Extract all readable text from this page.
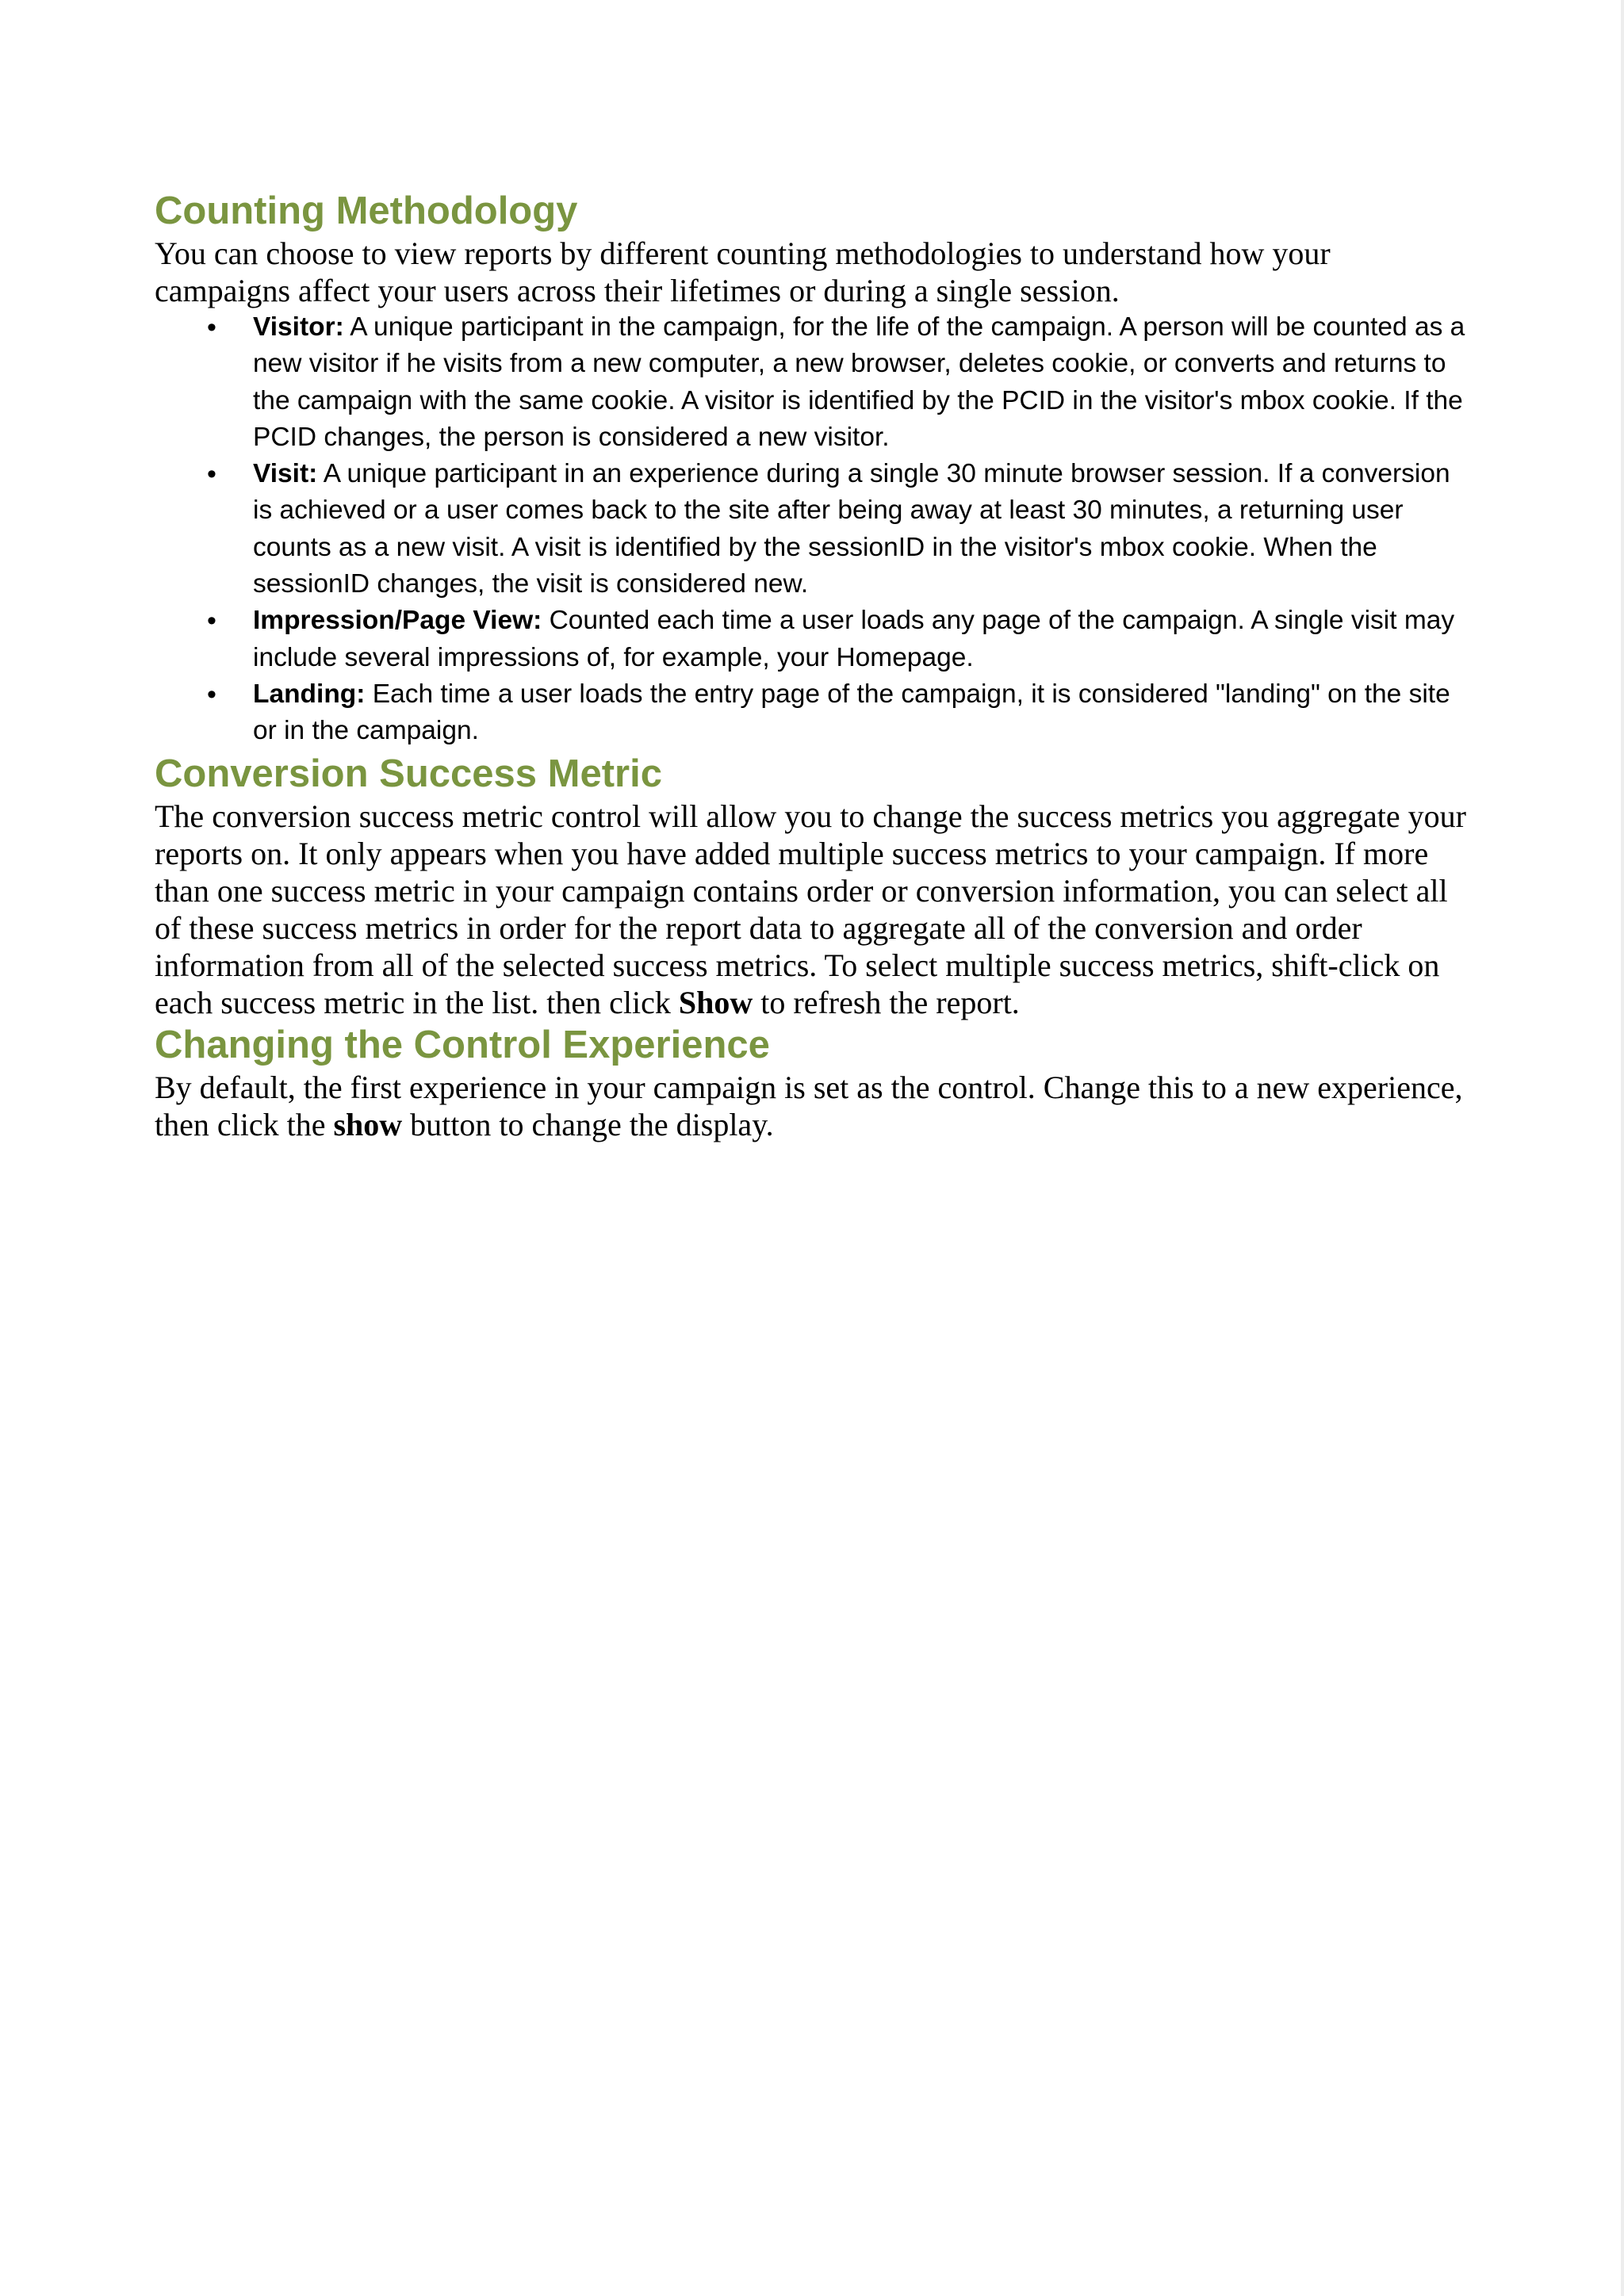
Counting Methodology

You can choose to view reports by different counting methodologies to understand how your campaigns affect your users across their lifetimes or during a single session.

• Visitor: A unique participant in the campaign, for the life of the campaign. A person will be counted as a new visitor if he visits from a new computer, a new browser, deletes cookie, or converts and returns to the campaign with the same cookie. A visitor is identified by the PCID in the visitor's mbox cookie. If the PCID changes, the person is considered a new visitor.
• Visit: A unique participant in an experience during a single 30 minute browser session. If a conversion is achieved or a user comes back to the site after being away at least 30 minutes, a returning user counts as a new visit. A visit is identified by the sessionID in the visitor's mbox cookie. When the sessionID changes, the visit is considered new.
• Impression/Page View: Counted each time a user loads any page of the campaign. A single visit may include several impressions of, for example, your Homepage.
• Landing: Each time a user loads the entry page of the campaign, it is considered "landing" on the site or in the campaign.
Conversion Success Metric

The conversion success metric control will allow you to change the success metrics you aggregate your reports on. It only appears when you have added multiple success metrics to your campaign. If more than one success metric in your campaign contains order or conversion information, you can select all of these success metrics in order for the report data to aggregate all of the conversion and order information from all of the selected success metrics. To select multiple success metrics, shift-click on each success metric in the list. then click Show to refresh the report.

Changing the Control Experience

By default, the first experience in your campaign is set as the control. Change this to a new experience, then click the show button to change the display.
